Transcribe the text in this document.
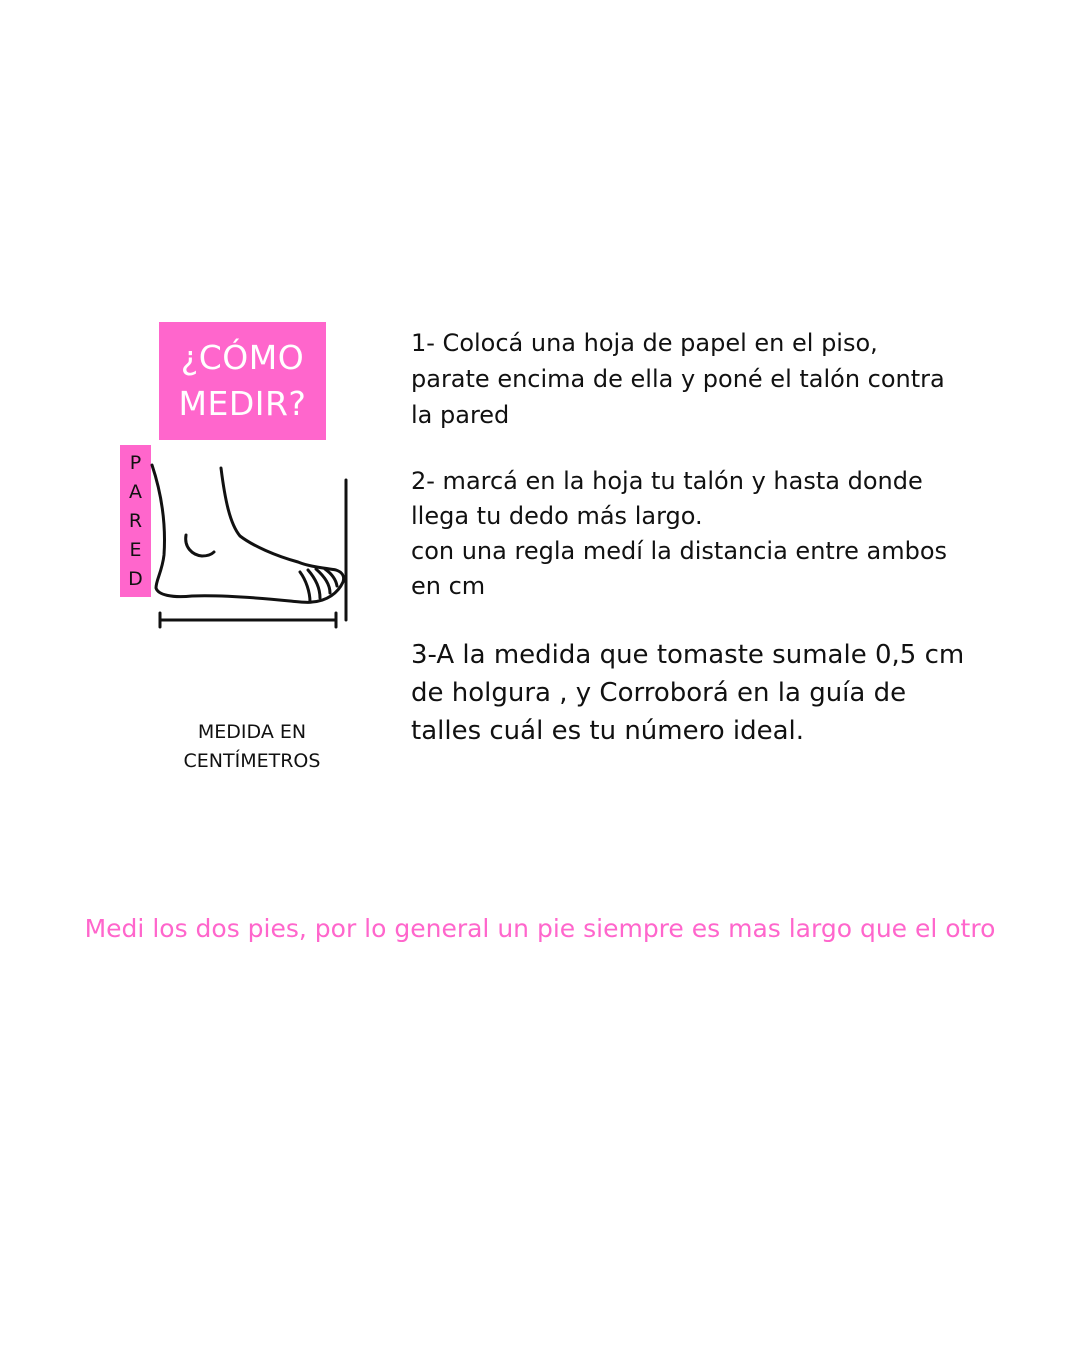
¿CÓMO
MEDIR?
P
A
R
E
D
MEDIDA EN
CENTÍMETROS
1- Colocá una hoja de papel en el piso,
parate encima de ella y poné el talón contra
la pared
2- marcá en la hoja tu talón y hasta donde
llega tu dedo más largo.
con una regla medí la distancia entre ambos
en cm
3-A la medida que tomaste sumale 0,5 cm
de holgura , y Corroborá en la guía de
talles cuál es tu número ideal.
Medi los dos pies, por lo general un pie siempre es mas largo que el otro
